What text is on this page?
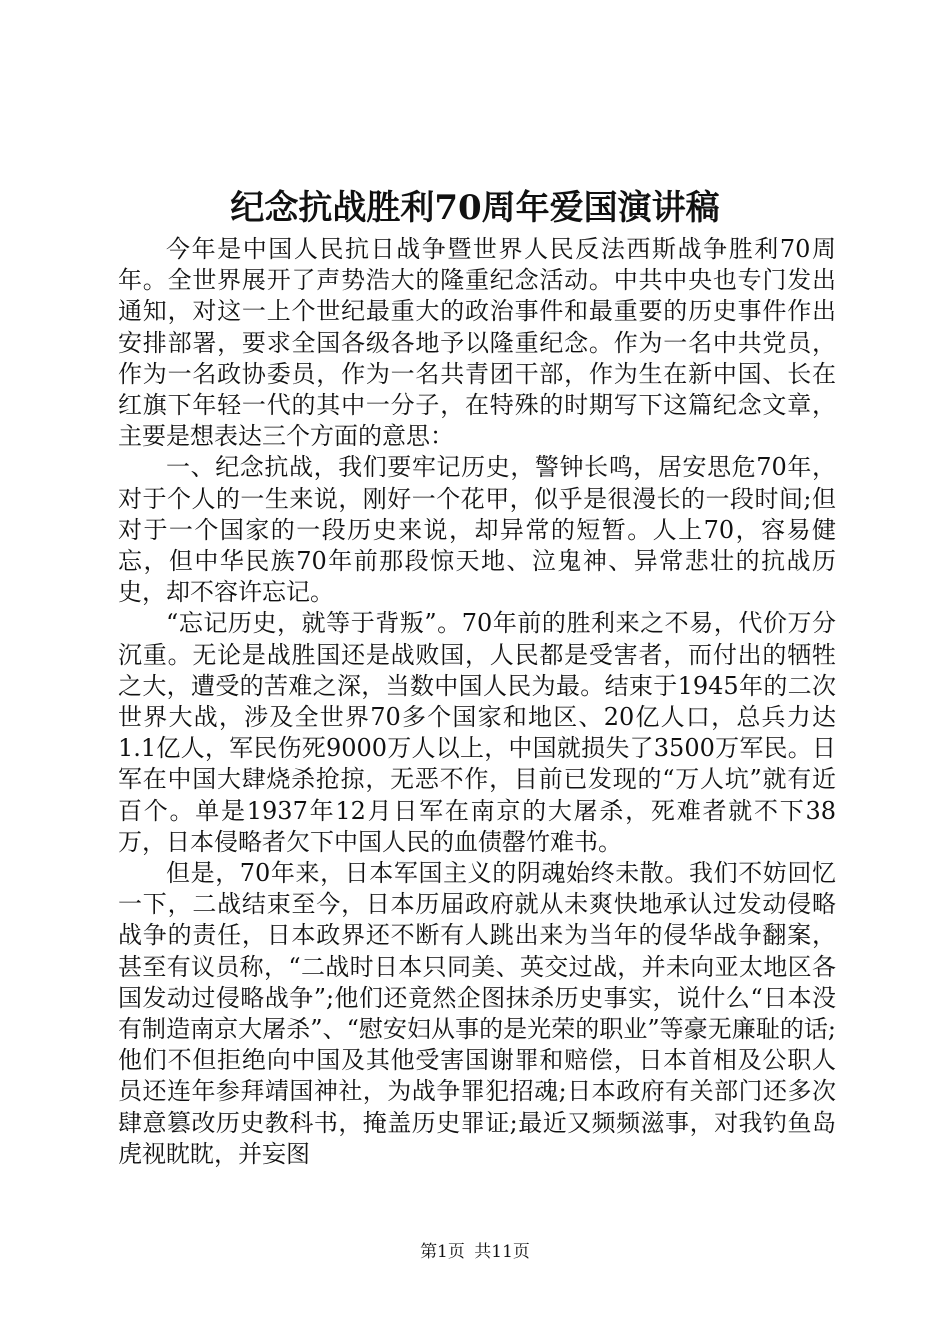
纪念抗战胜利70周年爱国演讲稿

今年是中国人民抗日战争暨世界人民反法西斯战争胜利70周年。全世界展开了声势浩大的隆重纪念活动。中共中央也专门发出通知，对这一上个世纪最重大的政治事件和最重要的历史事件作出安排部署，要求全国各级各地予以隆重纪念。作为一名中共党员，作为一名政协委员，作为一名共青团干部，作为生在新中国、长在红旗下年轻一代的其中一分子，在特殊的时期写下这篇纪念文章，主要是想表达三个方面的意思：

一、纪念抗战，我们要牢记历史，警钟长鸣，居安思危70年，对于个人的一生来说，刚好一个花甲，似乎是很漫长的一段时间;但对于一个国家的一段历史来说，却异常的短暂。人上70，容易健忘，但中华民族70年前那段惊天地、泣鬼神、异常悲壮的抗战历史，却不容许忘记。

“忘记历史，就等于背叛”。70年前的胜利来之不易，代价万分沉重。无论是战胜国还是战败国，人民都是受害者，而付出的牺牲之大，遭受的苦难之深，当数中国人民为最。结束于1945年的二次世界大战，涉及全世界70多个国家和地区、20亿人口，总兵力达1.1亿人，军民伤死9000万人以上，中国就损失了3500万军民。日军在中国大肆烧杀抢掠，无恶不作，目前已发现的“万人坑”就有近百个。单是1937年12月日军在南京的大屠杀，死难者就不下38万，日本侵略者欠下中国人民的血债罄竹难书。

但是，70年来，日本军国主义的阴魂始终未散。我们不妨回忆一下，二战结束至今，日本历届政府就从未爽快地承认过发动侵略战争的责任，日本政界还不断有人跳出来为当年的侵华战争翻案，甚至有议员称，“二战时日本只同美、英交过战，并未向亚太地区各国发动过侵略战争”;他们还竟然企图抹杀历史事实，说什么“日本没有制造南京大屠杀”、“慰安妇从事的是光荣的职业”等豪无廉耻的话;他们不但拒绝向中国及其他受害国谢罪和赔偿，日本首相及公职人员还连年参拜靖国神社，为战争罪犯招魂;日本政府有关部门还多次肆意篡改历史教科书，掩盖历史罪证;最近又频频滋事，对我钓鱼岛虎视眈眈，并妄图

第1页 共11页
